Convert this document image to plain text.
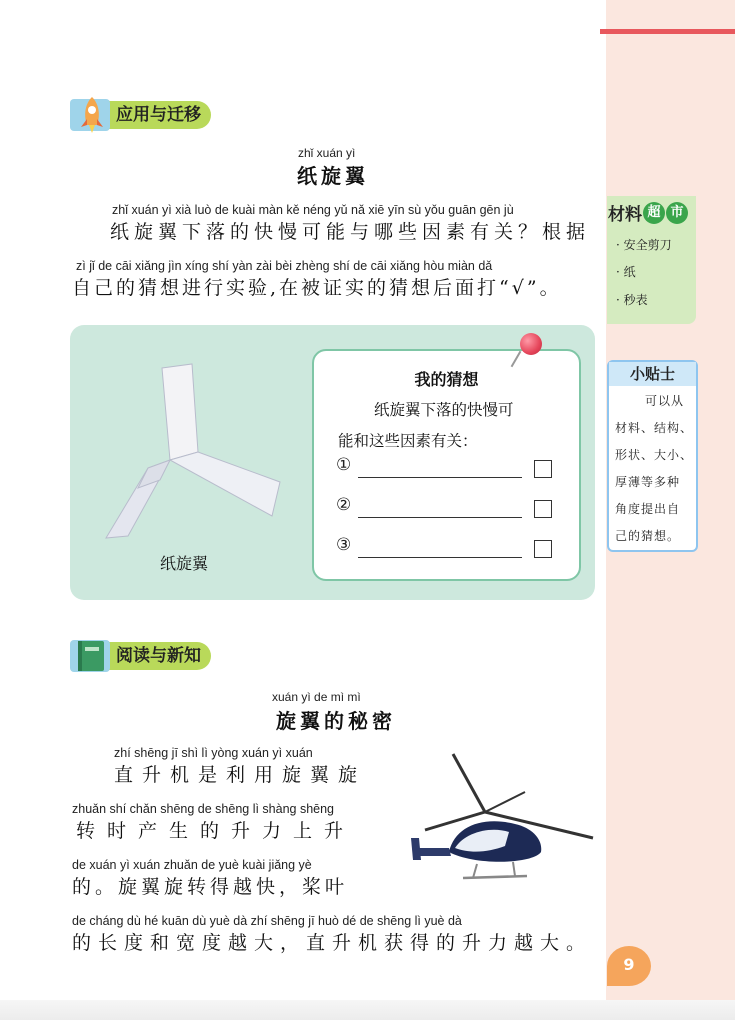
应用与迁移
zhǐ xuán yì
纸旋翼
zhǐ xuán yì xià luò de kuài màn kě néng yǔ nǎ xiē yīn sù yǒu guān gēn jù
纸旋翼下落的快慢可能与哪些因素有关？根据
zì jǐ de cāi xiǎng jìn xíng shí yàn zài bèi zhèng shí de cāi xiǎng hòu miàn dǎ
自己的猜想进行实验,在被证实的猜想后面打“√”。
纸旋翼
我的猜想
纸旋翼下落的快慢可
能和这些因素有关：
①
②
③
材料 超 市
· 安全剪刀
· 纸
· 秒表
小贴士
可以从
材料、结构、
形状、大小、
厚薄等多种
角度提出自
己的猜想。
阅读与新知
xuán yì de mì mì
旋翼的秘密
zhí shēng jī shì lì yòng xuán yì xuán
直升机是利用旋翼旋
zhuǎn shí chǎn shēng de shēng lì shàng shēng
转时产生的升力上升
de xuán yì xuán zhuǎn de yuè kuài jiǎng yè
的。旋翼旋转得越快，桨叶
de cháng dù hé kuān dù yuè dà zhí shēng jī huò dé de shēng lì yuè dà
的长度和宽度越大，直升机获得的升力越大。
9
